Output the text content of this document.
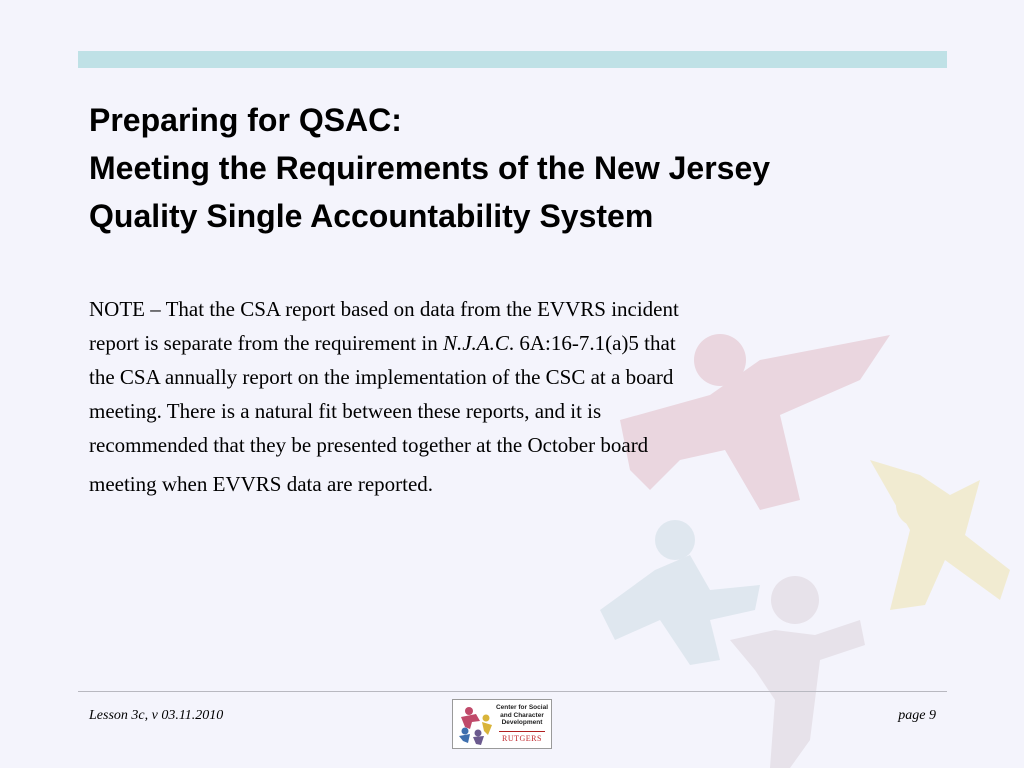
Preparing for QSAC:
Meeting the Requirements of the New Jersey
Quality Single Accountability System

NOTE – That the CSA report based on data from the EVVRS incident
report is separate from the requirement in N.J.A.C. 6A:16-7.1(a)5 that
the CSA annually report on the implementation of the CSC at a board
meeting. There is a natural fit between these reports, and it is
recommended that they be presented together at the October board
meeting when EVVRS data are reported.

Lesson 3c, v 03.11.2010	page 9
Center for Social
and Character
Development
RUTGERS
